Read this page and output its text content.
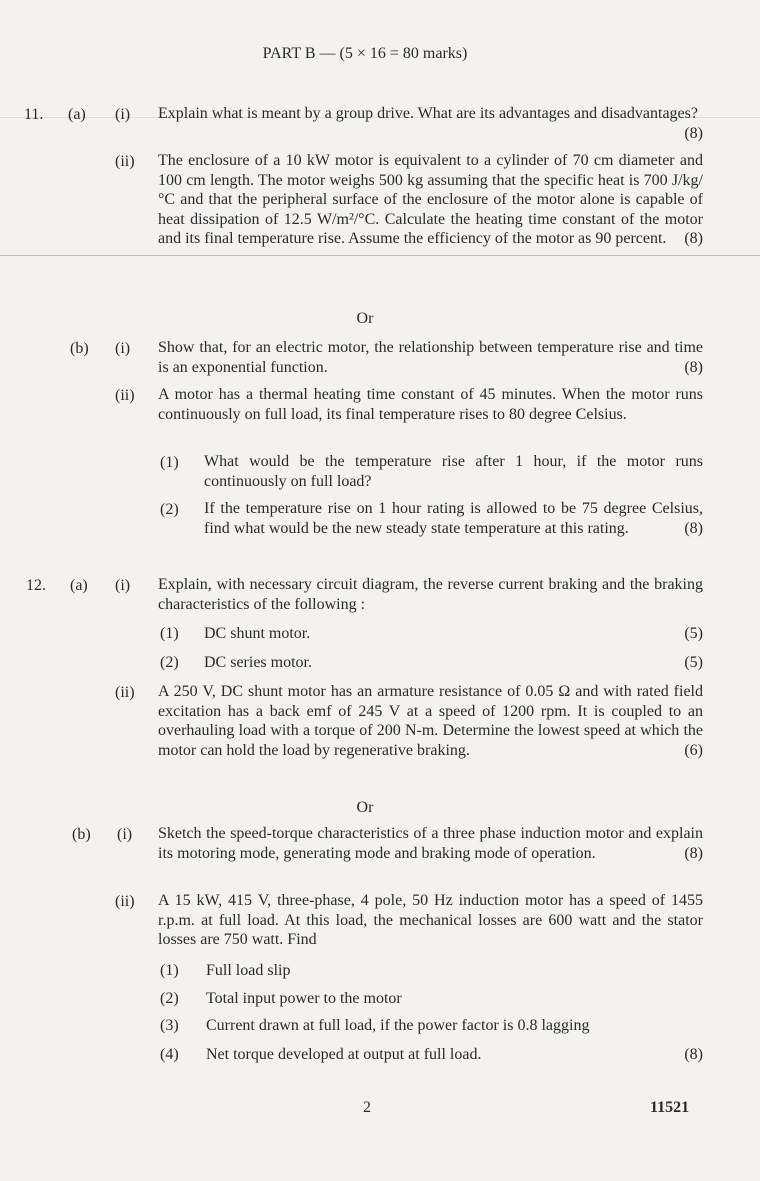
PART B — (5 × 16 = 80 marks)
11. (a) (i) Explain what is meant by a group drive. What are its advantages and disadvantages?
(8)
(ii) The enclosure of a 10 kW motor is equivalent to a cylinder of 70 cm diameter and 100 cm length. The motor weighs 500 kg assuming that the specific heat is 700 J/kg/°C and that the peripheral surface of the enclosure of the motor alone is capable of heat dissipation of 12.5 W/m²/°C. Calculate the heating time constant of the motor and its final temperature rise. Assume the efficiency of the motor as 90 percent. (8)
Or
(b) (i) Show that, for an electric motor, the relationship between temperature rise and time is an exponential function.	(8)
(ii) A motor has a thermal heating time constant of 45 minutes. When the motor runs continuously on full load, its final temperature rises to 80 degree Celsius.
(1) What would be the temperature rise after 1 hour, if the motor runs continuously on full load?
(2) If the temperature rise on 1 hour rating is allowed to be 75 degree Celsius, find what would be the new steady state temperature at this rating.	(8)
12. (a) (i) Explain, with necessary circuit diagram, the reverse current braking and the braking characteristics of the following :
(1) DC shunt motor.	(5)
(2) DC series motor.	(5)
(ii) A 250 V, DC shunt motor has an armature resistance of 0.05 Ω and with rated field excitation has a back emf of 245 V at a speed of 1200 rpm. It is coupled to an overhauling load with a torque of 200 N-m. Determine the lowest speed at which the motor can hold the load by regenerative braking.	(6)
Or
(b) (i) Sketch the speed-torque characteristics of a three phase induction motor and explain its motoring mode, generating mode and braking mode of operation.	(8)
(ii) A 15 kW, 415 V, three-phase, 4 pole, 50 Hz induction motor has a speed of 1455 r.p.m. at full load. At this load, the mechanical losses are 600 watt and the stator losses are 750 watt. Find
(1) Full load slip
(2) Total input power to the motor
(3) Current drawn at full load, if the power factor is 0.8 lagging
(4) Net torque developed at output at full load.	(8)
2	11521
